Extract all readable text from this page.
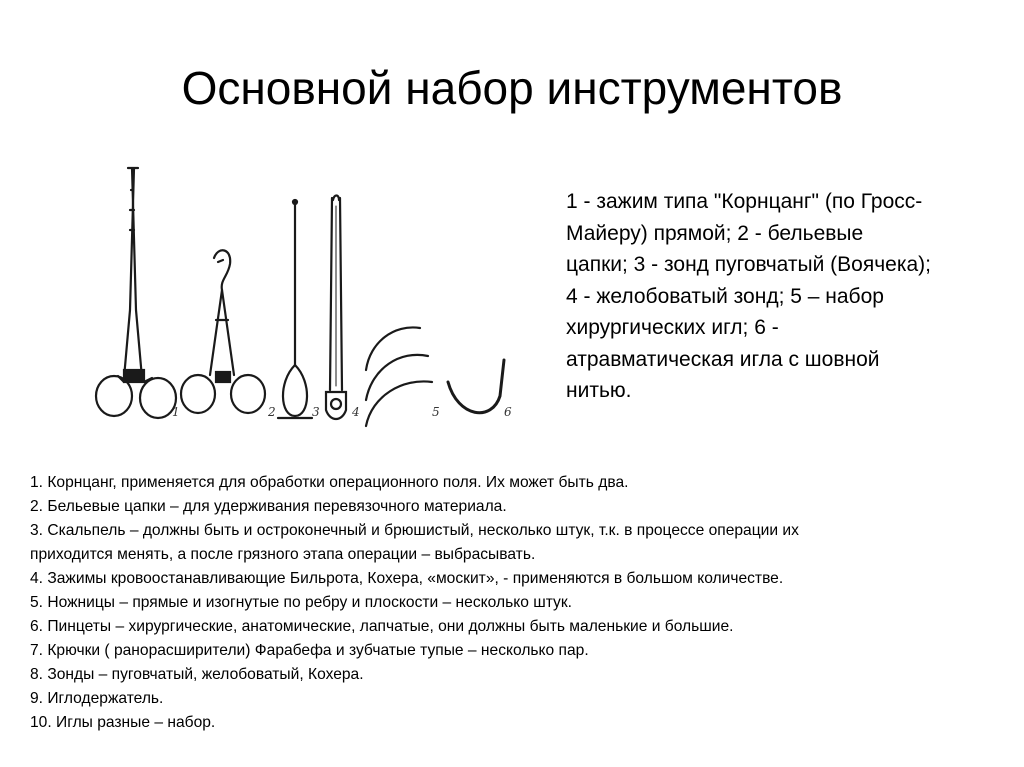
Основной набор инструментов
1	2	3	4	5	6
1 - зажим типа "Корнцанг" (по Гросс-
Майеру) прямой; 2 - бельевые
цапки; 3 - зонд пуговчатый (Воячека);
4 - желобоватый зонд; 5 – набор
хирургических игл; 6 -
атравматическая игла с шовной
нитью.
1. Корнцанг, применяется для обработки операционного поля. Их может быть два.
2. Бельевые цапки – для удерживания перевязочного материала.
3. Скальпель – должны быть и остроконечный и брюшистый, несколько штук, т.к. в процессе операции их
приходится менять, а после грязного этапа операции – выбрасывать.
4. Зажимы кровоостанавливающие Бильрота, Кохера, «москит», - применяются в большом количестве.
5. Ножницы – прямые и изогнутые по ребру и плоскости – несколько штук.
6. Пинцеты – хирургические, анатомические, лапчатые, они должны быть маленькие и большие.
7. Крючки ( ранорасширители) Фарабефа и зубчатые тупые – несколько пар.
8. Зонды – пуговчатый, желобоватый, Кохера.
9. Иглодержатель.
10. Иглы разные – набор.
